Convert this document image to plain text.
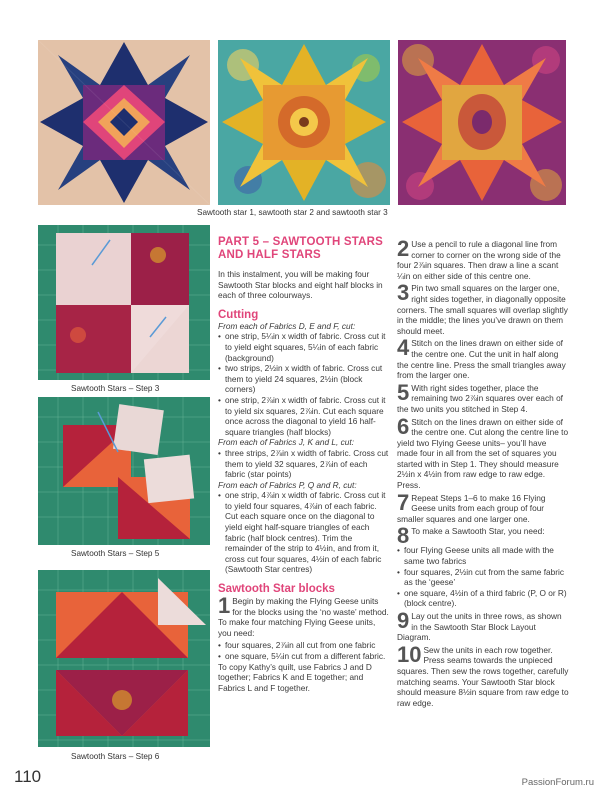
Sawtooth star 1, sawtooth star 2 and sawtooth star 3
Sawtooth Stars – Step 3
Sawtooth Stars – Step 5
Sawtooth Stars – Step 6
PART 5 – SAWTOOTH STARS AND HALF STARS
In this instalment, you will be making four Sawtooth Star blocks and eight half blocks in each of three colourways.
Cutting
From each of Fabrics D, E and F, cut:
• one strip, 5¼in x width of fabric. Cross cut it to yield eight squares, 5¼in of each fabric (background)
• two strips, 2½in x width of fabric. Cross cut them to yield 24 squares, 2½in (block corners)
• one strip, 2⅞in x width of fabric. Cross cut it to yield six squares, 2⅞in. Cut each square once across the diagonal to yield 16 half-square triangles (half blocks)
From each of Fabrics J, K and L, cut:
• three strips, 2⅞in x width of fabric. Cross cut them to yield 32 squares, 2⅞in of each fabric (star points)
From each of Fabrics P, Q and R, cut:
• one strip, 4⅞in x width of fabric. Cross cut it to yield four squares, 4⅞in of each fabric. Cut each square once on the diagonal to yield eight half-square triangles of each fabric (half block centres). Trim the remainder of the strip to 4½in, and from it, cross cut four squares, 4½in of each fabric (Sawtooth Star centres)
Sawtooth Star blocks
1 Begin by making the Flying Geese units for the blocks using the ‘no waste’ method. To make four matching Flying Geese units, you need:
• four squares, 2⅞in all cut from one fabric
• one square, 5¼in cut from a different fabric.
To copy Kathy’s quilt, use Fabrics J and D together; Fabrics K and E together; and Fabrics L and F together.
2 Use a pencil to rule a diagonal line from corner to corner on the wrong side of the four 2⅞in squares. Then draw a line a scant ¼in on either side of this centre one.
3 Pin two small squares on the larger one, right sides together, in diagonally opposite corners. The small squares will overlap slightly in the middle; the lines you’ve drawn on them should meet.
4 Stitch on the lines drawn on either side of the centre one. Cut the unit in half along the centre line. Press the small triangles away from the larger one.
5 With right sides together, place the remaining two 2⅞in squares over each of the two units you stitched in Step 4.
6 Stitch on the lines drawn on either side of the centre one. Cut along the centre line to yield two Flying Geese units– you’ll have made four in all from the set of squares you started with in Step 1. They should measure 2½in x 4½in from raw edge to raw edge. Press.
7 Repeat Steps 1–6 to make 16 Flying Geese units from each group of four smaller squares and one larger one.
8 To make a Sawtooth Star, you need:
• four Flying Geese units all made with the same two fabrics
• four squares, 2½in cut from the same fabric as the ‘geese’
• one square, 4½in of a third fabric (P, O or R) (block centre).
9 Lay out the units in three rows, as shown in the Sawtooth Star Block Layout Diagram.
10 Sew the units in each row together. Press seams towards the unpieced squares. Then sew the rows together, carefully matching seams. Your Sawtooth Star block should measure 8½in square from raw edge to raw edge.
110	PassionForum.ru
